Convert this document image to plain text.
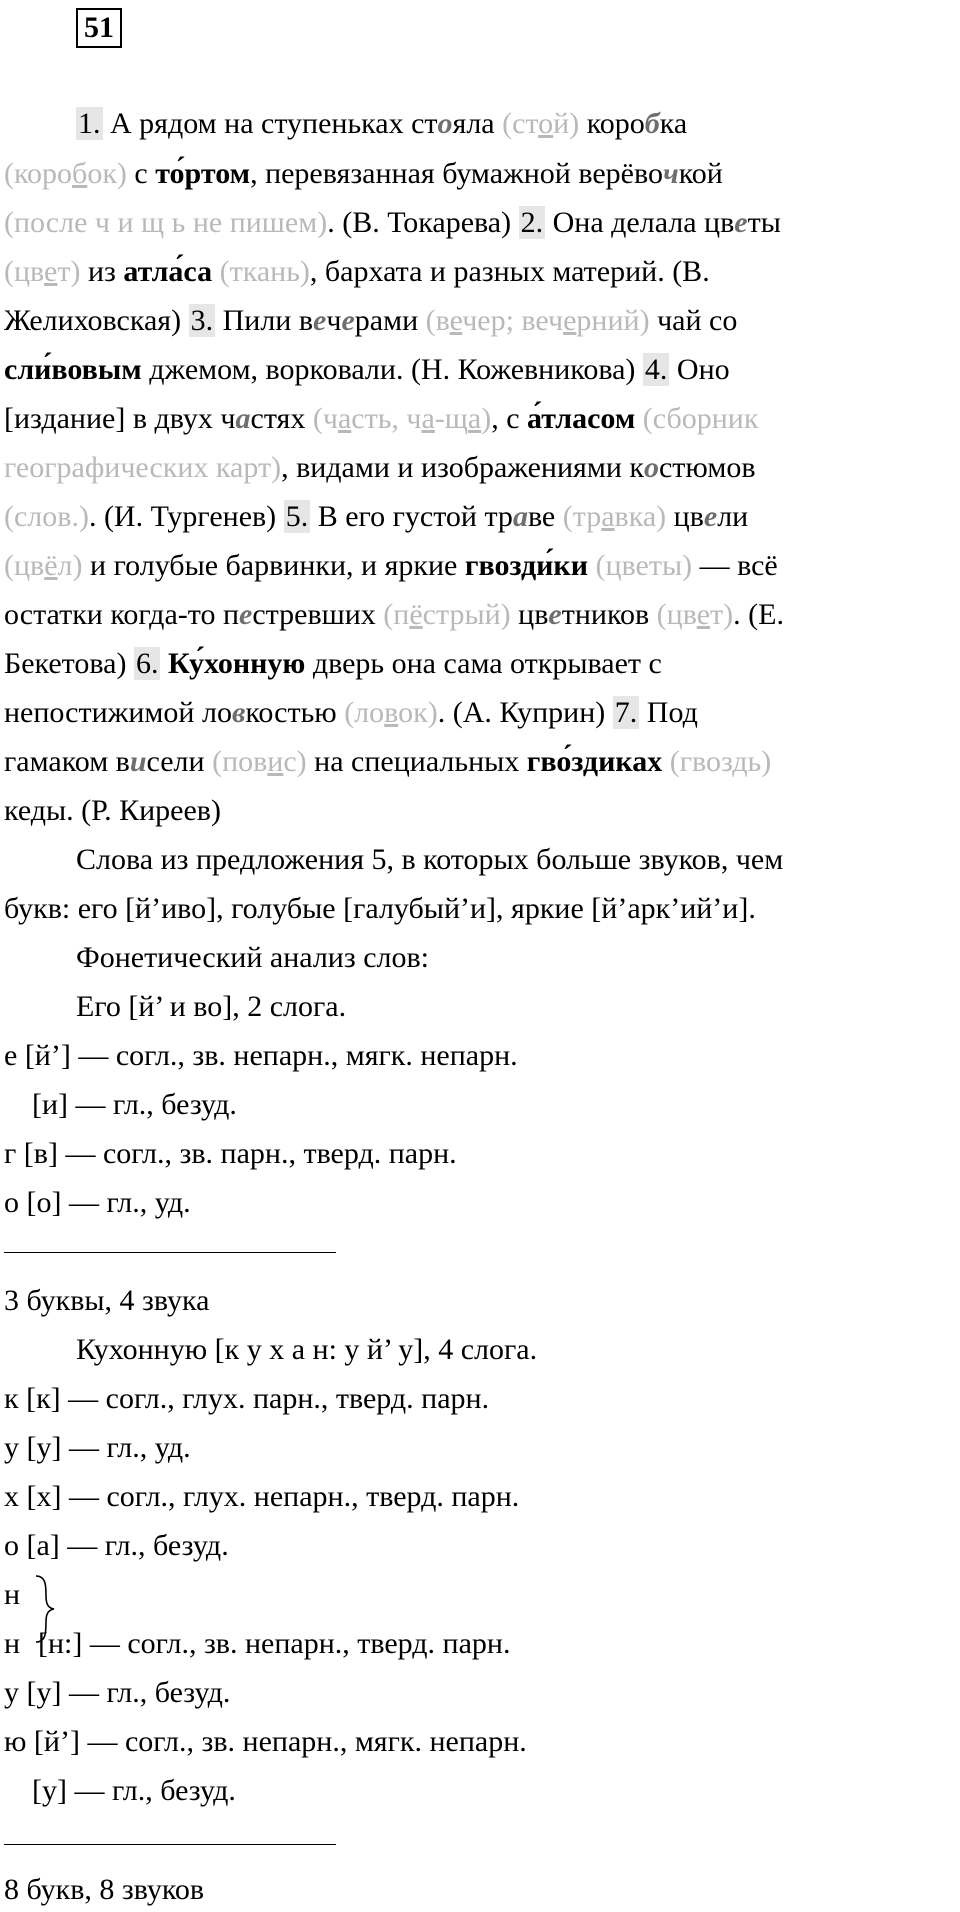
51
1. А рядом на ступеньках стояла (стой) коробка
(коробок) с то́ртом, перевязанная бумажной верёвочкой
(после ч и щ ь не пишем). (В. Токарева) 2. Она делала цветы
(цвет) из атла́са (ткань), бархата и разных материй. (В.
Желиховская) 3. Пили вечерами (вечер; вечерний) чай со
сли́вовым джемом, ворковали. (Н. Кожевникова) 4. Оно
[издание] в двух частях (часть, ча-ща), с а́тласом (сборник
географических карт), видами и изображениями костюмов
(слов.). (И. Тургенев) 5. В его густой траве (травка) цвели
(цвёл) и голубые барвинки, и яркие гвозди́ки (цветы) — всё
остатки когда-то пестревших (пёстрый) цветников (цвет). (Е.
Бекетова) 6. Ку́хонную дверь она сама открывает с
непостижимой ловкостью (ловок). (А. Куприн) 7. Под
гамаком висели (повис) на специальных гво́здиках (гвоздь)
кеды. (Р. Киреев)
Слова из предложения 5, в которых больше звуков, чем
букв: его [й’иво], голубые [галубый’и], яркие [й’арк’ий’и].
Фонетический анализ слов:
Его [й’ и во], 2 слога.
е [й’] — согл., зв. непарн., мягк. непарн.
[и] — гл., безуд.
г [в] — согл., зв. парн., тверд. парн.
о [о] — гл., уд.
3 буквы, 4 звука
Кухонную [к у х а н: у й’ у], 4 слога.
к [к] — согл., глух. парн., тверд. парн.
у [у] — гл., уд.
х [х] — согл., глух. непарн., тверд. парн.
о [а] — гл., безуд.
н
н [н:] — согл., зв. непарн., тверд. парн.
у [у] — гл., безуд.
ю [й’] — согл., зв. непарн., мягк. непарн.
[у] — гл., безуд.
8 букв, 8 звуков
